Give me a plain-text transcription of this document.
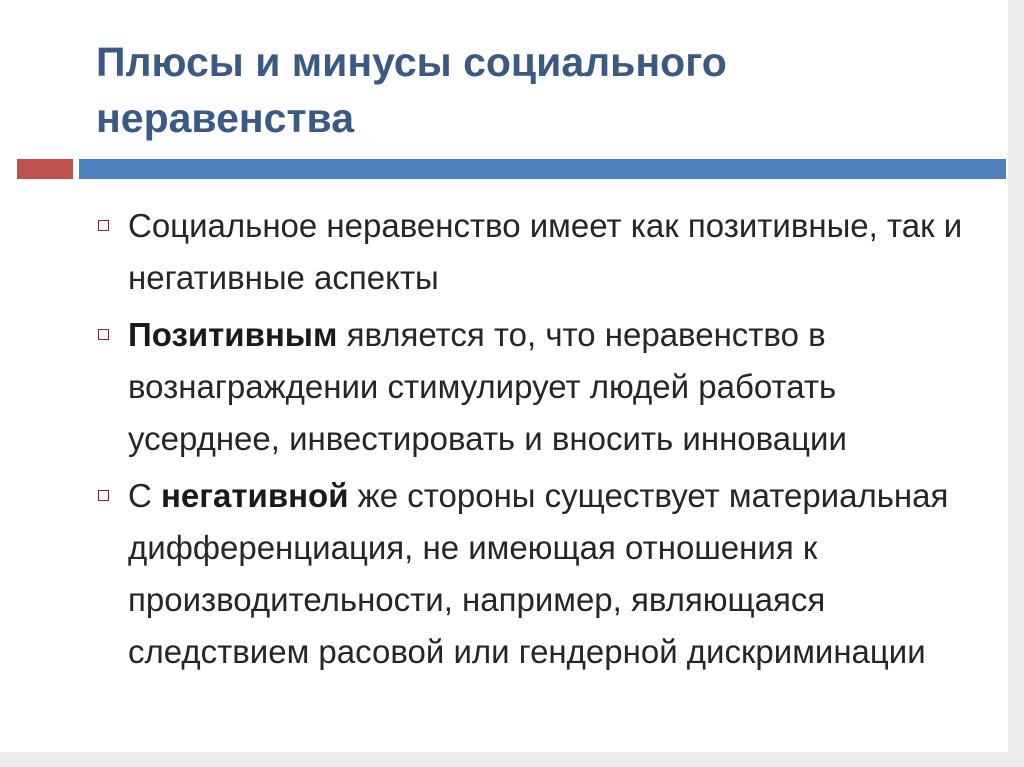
Плюсы и минусы социального неравенства
Социальное неравенство имеет как позитивные, так и негативные аспекты
Позитивным является то, что неравенство в вознаграждении стимулирует людей работать усерднее, инвестировать и вносить инновации
С негативной же стороны существует материальная дифференциация, не имеющая отношения к производительности, например, являющаяся следствием расовой или гендерной дискриминации
